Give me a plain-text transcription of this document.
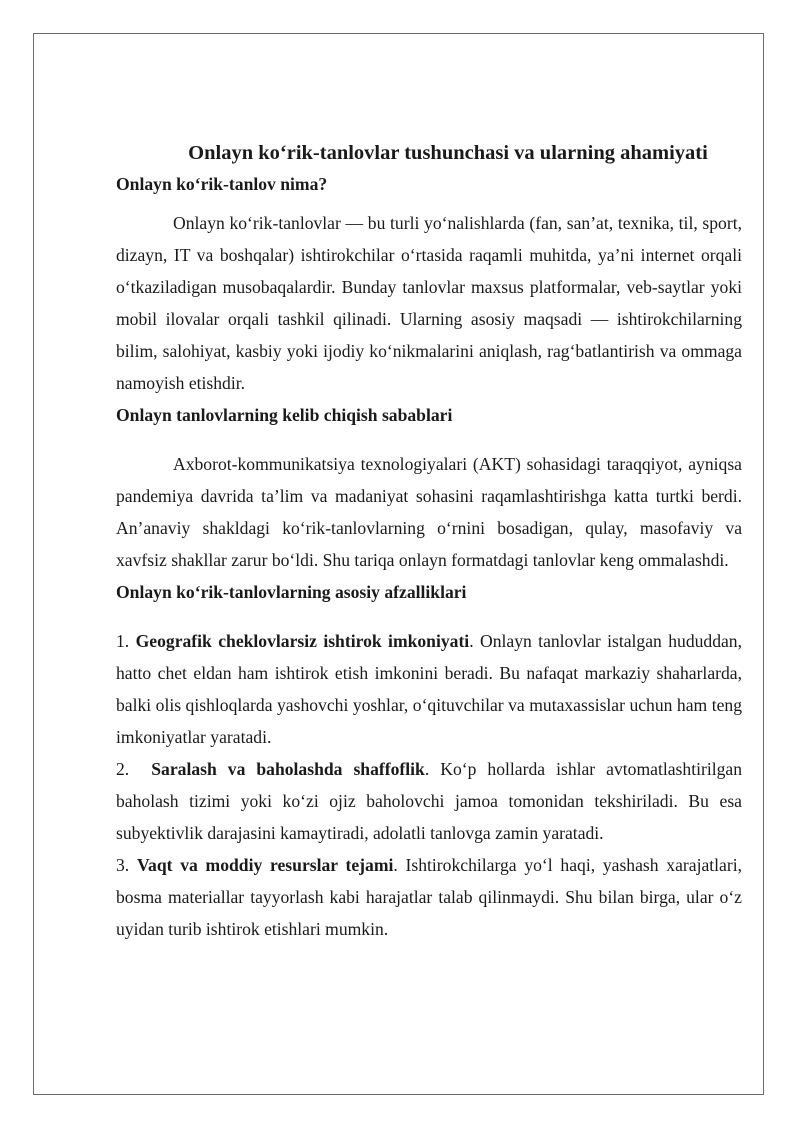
Onlayn koʻrik-tanlovlar tushunchasi va ularning ahamiyati
Onlayn koʻrik-tanlov nima?

Onlayn koʻrik-tanlovlar — bu turli yoʻnalishlarda (fan, san’at, texnika, til, sport, dizayn, IT va boshqalar) ishtirokchilar oʻrtasida raqamli muhitda, ya’ni internet orqali oʻtkaziladigan musobaqalardir. Bunday tanlovlar maxsus platformalar, veb-saytlar yoki mobil ilovalar orqali tashkil qilinadi. Ularning asosiy maqsadi — ishtirokchilarning bilim, salohiyat, kasbiy yoki ijodiy koʻnikmalarini aniqlash, ragʻbatlantirish va ommaga namoyish etishdir.

Onlayn tanlovlarning kelib chiqish sabablari

Axborot-kommunikatsiya texnologiyalari (AKT) sohasidagi taraqqiyot, ayniqsa pandemiya davrida ta’lim va madaniyat sohasini raqamlashtirishga katta turtki berdi. An’anaviy shakldagi koʻrik-tanlovlarning oʻrnini bosadigan, qulay, masofaviy va xavfsiz shakllar zarur boʻldi. Shu tariqa onlayn formatdagi tanlovlar keng ommalashdi.

Onlayn koʻrik-tanlovlarning asosiy afzalliklari

1. Geografik cheklovlarsiz ishtirok imkoniyati. Onlayn tanlovlar istalgan hududdan, hatto chet eldan ham ishtirok etish imkonini beradi. Bu nafaqat markaziy shaharlarda, balki olis qishloqlarda yashovchi yoshlar, oʻqituvchilar va mutaxassislar uchun ham teng imkoniyatlar yaratadi.

2. Saralash va baholashda shaffoflik. Koʻp hollarda ishlar avtomatlashtirilgan baholash tizimi yoki koʻzi ojiz baholovchi jamoa tomonidan tekshiriladi. Bu esa subyektivlik darajasini kamaytiradi, adolatli tanlovga zamin yaratadi.

3. Vaqt va moddiy resurslar tejami. Ishtirokchilarga yoʻl haqi, yashash xarajatlari, bosma materiallar tayyorlash kabi harajatlar talab qilinmaydi. Shu bilan birga, ular oʻz uyidan turib ishtirok etishlari mumkin.
